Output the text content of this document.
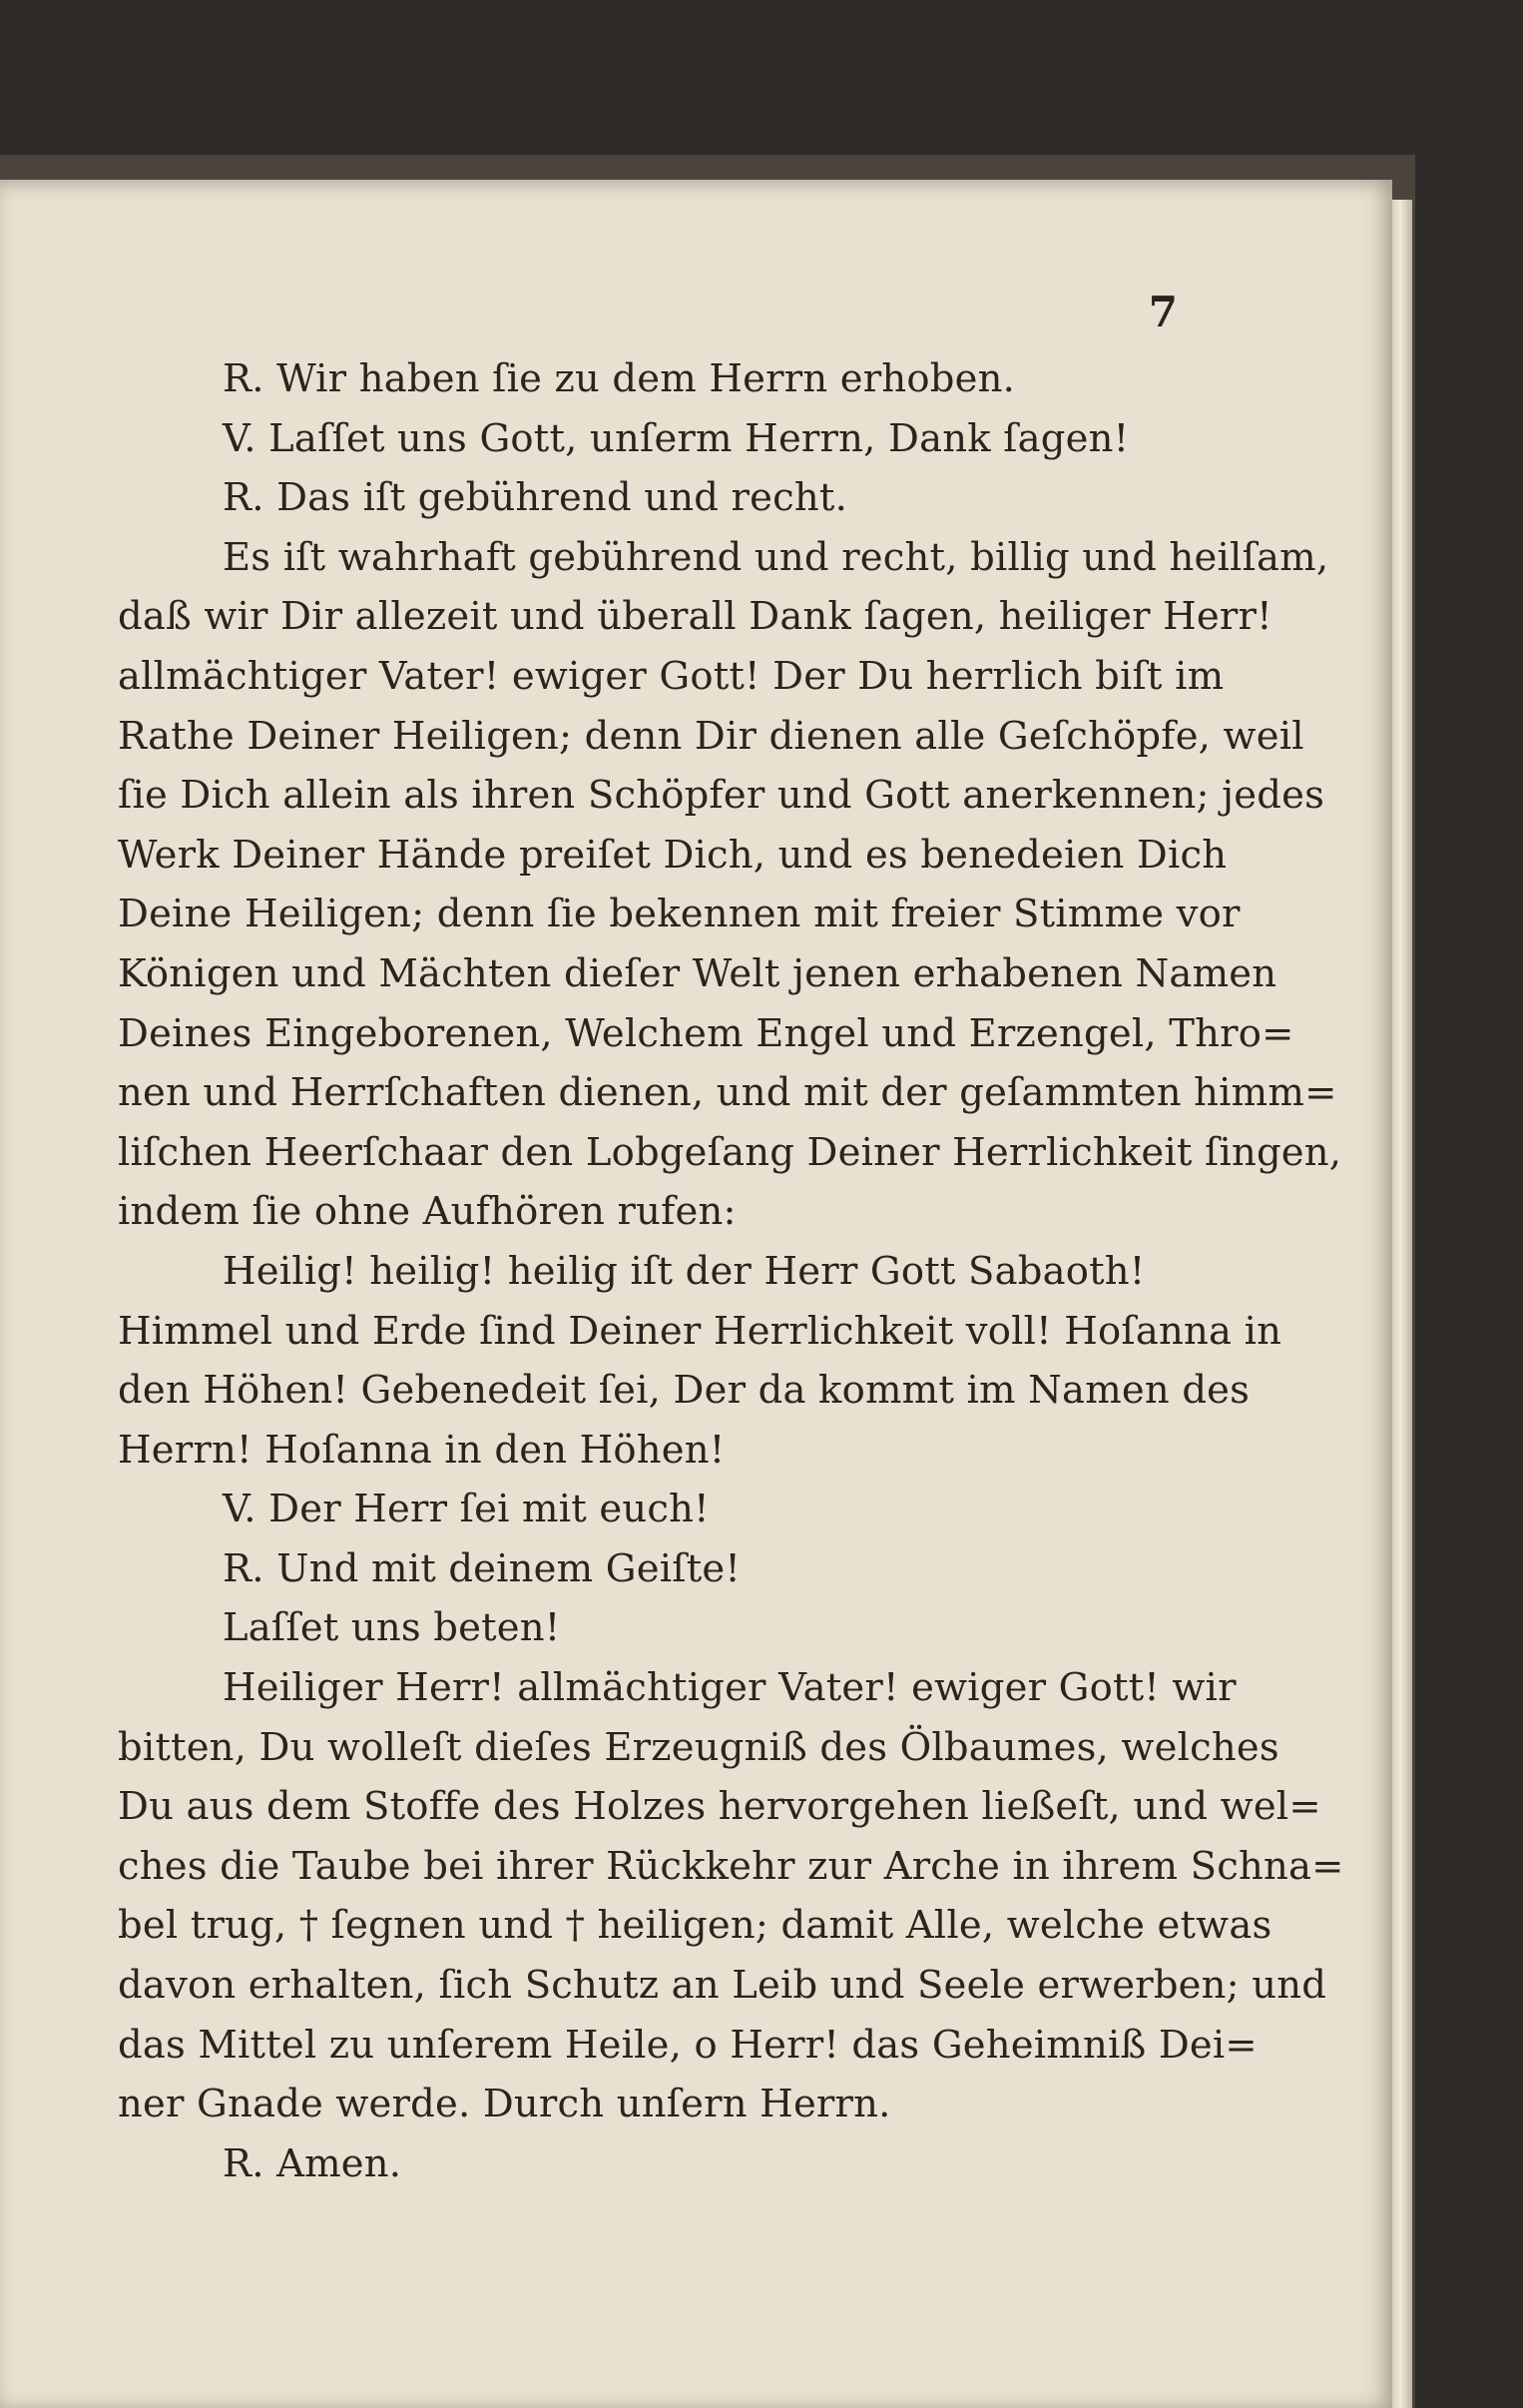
7
R. Wir haben ſie zu dem Herrn erhoben.
V. Laſſet uns Gott, unſerm Herrn, Dank ſagen!
R. Das iſt gebührend und recht.
Es iſt wahrhaft gebührend und recht, billig und heilſam,
daß wir Dir allezeit und überall Dank ſagen, heiliger Herr!
allmächtiger Vater! ewiger Gott! Der Du herrlich biſt im
Rathe Deiner Heiligen; denn Dir dienen alle Geſchöpfe, weil
ſie Dich allein als ihren Schöpfer und Gott anerkennen; jedes
Werk Deiner Hände preiſet Dich, und es benedeien Dich
Deine Heiligen; denn ſie bekennen mit freier Stimme vor
Königen und Mächten dieſer Welt jenen erhabenen Namen
Deines Eingeborenen, Welchem Engel und Erzengel, Thro=
nen und Herrſchaften dienen, und mit der geſammten himm=
liſchen Heerſchaar den Lobgeſang Deiner Herrlichkeit ſingen,
indem ſie ohne Aufhören rufen:
Heilig! heilig! heilig iſt der Herr Gott Sabaoth!
Himmel und Erde ſind Deiner Herrlichkeit voll! Hoſanna in
den Höhen! Gebenedeit ſei, Der da kommt im Namen des
Herrn! Hoſanna in den Höhen!
V. Der Herr ſei mit euch!
R. Und mit deinem Geiſte!
Laſſet uns beten!
Heiliger Herr! allmächtiger Vater! ewiger Gott! wir
bitten, Du wolleſt dieſes Erzeugniß des Ölbaumes, welches
Du aus dem Stoffe des Holzes hervorgehen ließeſt, und wel=
ches die Taube bei ihrer Rückkehr zur Arche in ihrem Schna=
bel trug, † ſegnen und † heiligen; damit Alle, welche etwas
davon erhalten, ſich Schutz an Leib und Seele erwerben; und
das Mittel zu unſerem Heile, o Herr! das Geheimniß Dei=
ner Gnade werde. Durch unſern Herrn.
R. Amen.
